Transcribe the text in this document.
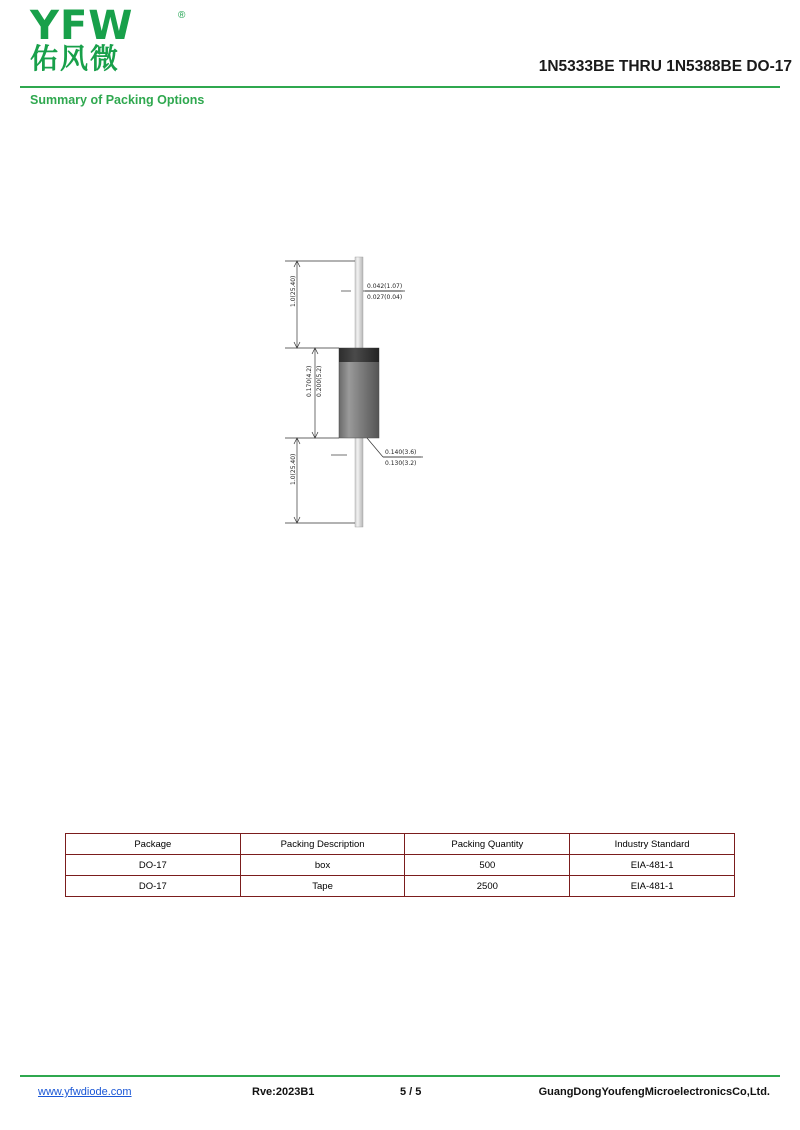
YFW	®
佑风微	1N5333BE THRU 1N5388BE DO-17
Summary of Packing Options
0.042(1.07)
0.027(0.04)
1.0(25.40)
0.170(4.2) 0.200(5.2)
1.0(25.40)
0.140(3.6)
0.130(3.2)
Package	Packing Description	Packing Quantity	Industry Standard
DO-17	box	500	EIA-481-1
DO-17	Tape	2500	EIA-481-1
www.yfwdiode.com	Rve:2023B1	5 / 5	GuangDongYoufengMicroelectronicsCo,Ltd.
